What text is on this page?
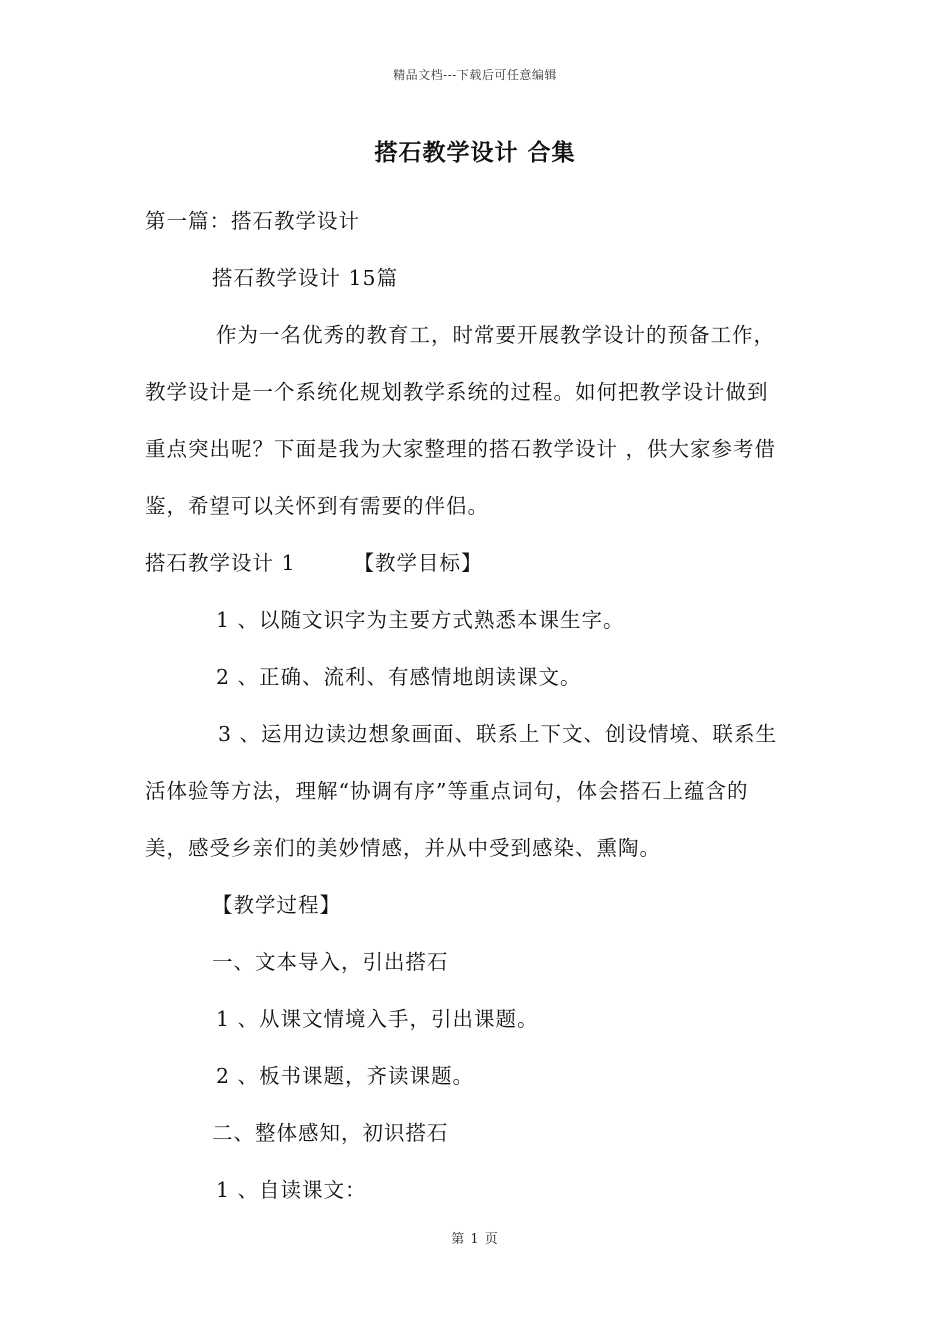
精品文档---下载后可任意编辑
搭石教学设计 合集
第一篇：搭石教学设计
搭石教学设计 15篇
作为一名优秀的教育工，时常要开展教学设计的预备工作，
教学设计是一个系统化规划教学系统的过程。如何把教学设计做到
重点突出呢？下面是我为大家整理的搭石教学设计 ，供大家参考借
鉴，希望可以关怀到有需要的伴侣。
搭石教学设计 1	【教学目标】
1 、以随文识字为主要方式熟悉本课生字。
2 、正确、流利、有感情地朗读课文。
3 、运用边读边想象画面、联系上下文、创设情境、联系生
活体验等方法，理解“协调有序”等重点词句，体会搭石上蕴含的
美，感受乡亲们的美妙情感，并从中受到感染、熏陶。
【教学过程】
一、文本导入，引出搭石
1 、从课文情境入手，引出课题。
2 、板书课题，齐读课题。
二、整体感知，初识搭石
1 、自读课文：
第 1 页
